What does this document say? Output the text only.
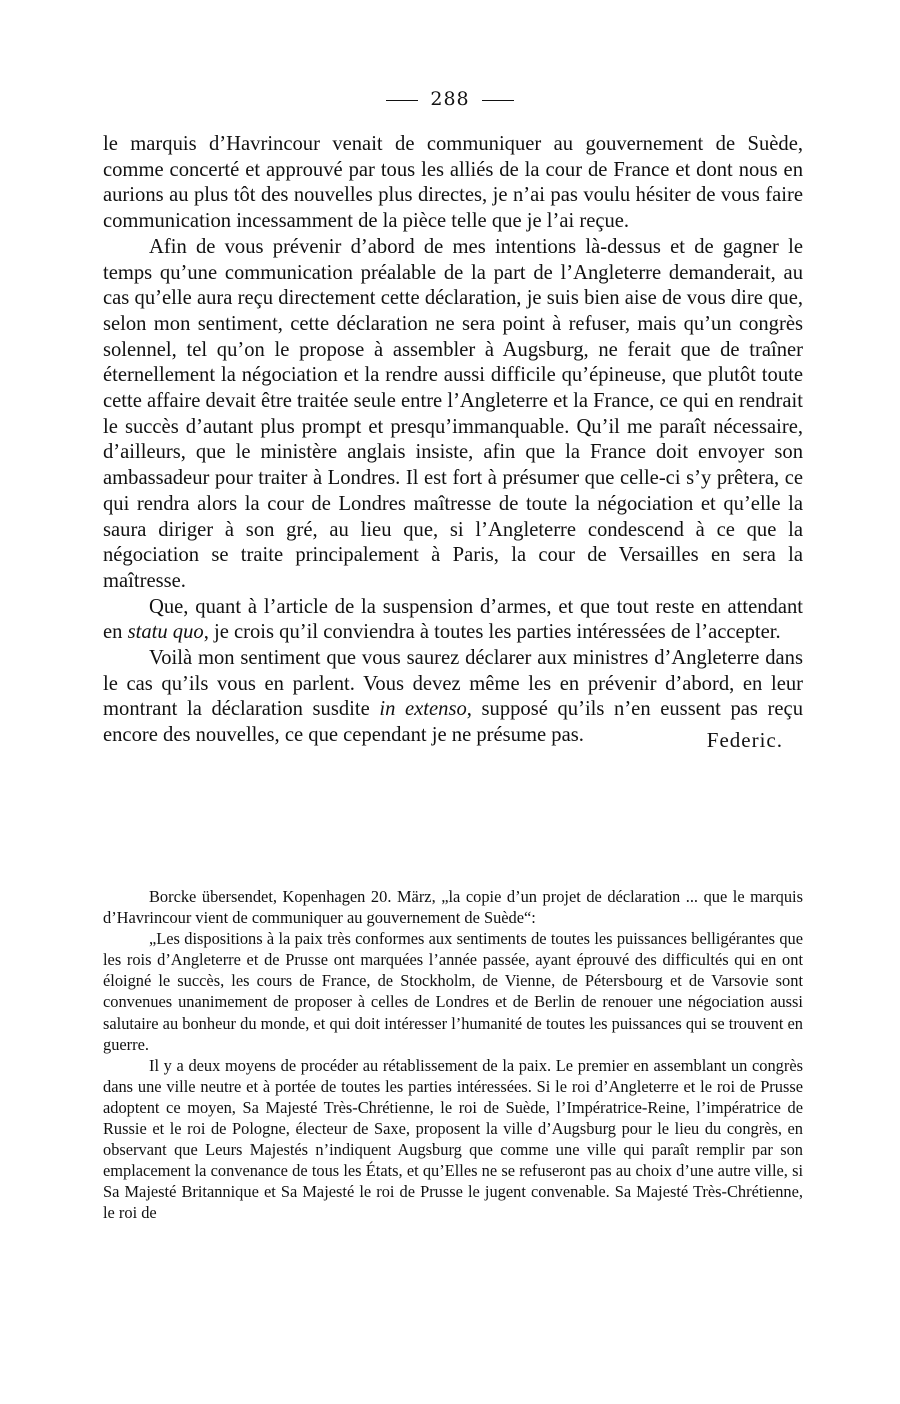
288

le marquis d’Havrincour venait de communiquer au gouvernement de Suède, comme concerté et approuvé par tous les alliés de la cour de France et dont nous en aurions au plus tôt des nouvelles plus directes, je n’ai pas voulu hésiter de vous faire communication incessamment de la pièce telle que je l’ai reçue.

Afin de vous prévenir d’abord de mes intentions là-dessus et de gagner le temps qu’une communication préalable de la part de l’Angleterre demanderait, au cas qu’elle aura reçu directement cette déclaration, je suis bien aise de vous dire que, selon mon sentiment, cette déclaration ne sera point à refuser, mais qu’un congrès solennel, tel qu’on le propose à assembler à Augsburg, ne ferait que de traîner éternellement la négociation et la rendre aussi difficile qu’épineuse, que plutôt toute cette affaire devait être traitée seule entre l’Angleterre et la France, ce qui en rendrait le succès d’autant plus prompt et presqu’immanquable. Qu’il me paraît nécessaire, d’ailleurs, que le ministère anglais insiste, afin que la France doit envoyer son ambassadeur pour traiter à Londres. Il est fort à présumer que celle-ci s’y prêtera, ce qui rendra alors la cour de Londres maîtresse de toute la négociation et qu’elle la saura diriger à son gré, au lieu que, si l’Angleterre condescend à ce que la négociation se traite principalement à Paris, la cour de Versailles en sera la maîtresse.

Que, quant à l’article de la suspension d’armes, et que tout reste en attendant en statu quo, je crois qu’il conviendra à toutes les parties intéressées de l’accepter.

Voilà mon sentiment que vous saurez déclarer aux ministres d’Angleterre dans le cas qu’ils vous en parlent. Vous devez même les en prévenir d’abord, en leur montrant la déclaration susdite in extenso, supposé qu’ils n’en eussent pas reçu encore des nouvelles, ce que cependant je ne présume pas.	Federic.

Borcke übersendet, Kopenhagen 20. März, „la copie d’un projet de déclaration ... que le marquis d’Havrincour vient de communiquer au gouvernement de Suède“:

„Les dispositions à la paix très conformes aux sentiments de toutes les puissances belligérantes que les rois d’Angleterre et de Prusse ont marquées l’année passée, ayant éprouvé des difficultés qui en ont éloigné le succès, les cours de France, de Stockholm, de Vienne, de Pétersbourg et de Varsovie sont convenues unanimement de proposer à celles de Londres et de Berlin de renouer une négociation aussi salutaire au bonheur du monde, et qui doit intéresser l’humanité de toutes les puissances qui se trouvent en guerre.

Il y a deux moyens de procéder au rétablissement de la paix. Le premier en assemblant un congrès dans une ville neutre et à portée de toutes les parties intéressées. Si le roi d’Angleterre et le roi de Prusse adoptent ce moyen, Sa Majesté Très-Chrétienne, le roi de Suède, l’Impératrice-Reine, l’impératrice de Russie et le roi de Pologne, électeur de Saxe, proposent la ville d’Augsburg pour le lieu du congrès, en observant que Leurs Majestés n’indiquent Augsburg que comme une ville qui paraît remplir par son emplacement la convenance de tous les États, et qu’Elles ne se refuseront pas au choix d’une autre ville, si Sa Majesté Britannique et Sa Majesté le roi de Prusse le jugent convenable. Sa Majesté Très-Chrétienne, le roi de
